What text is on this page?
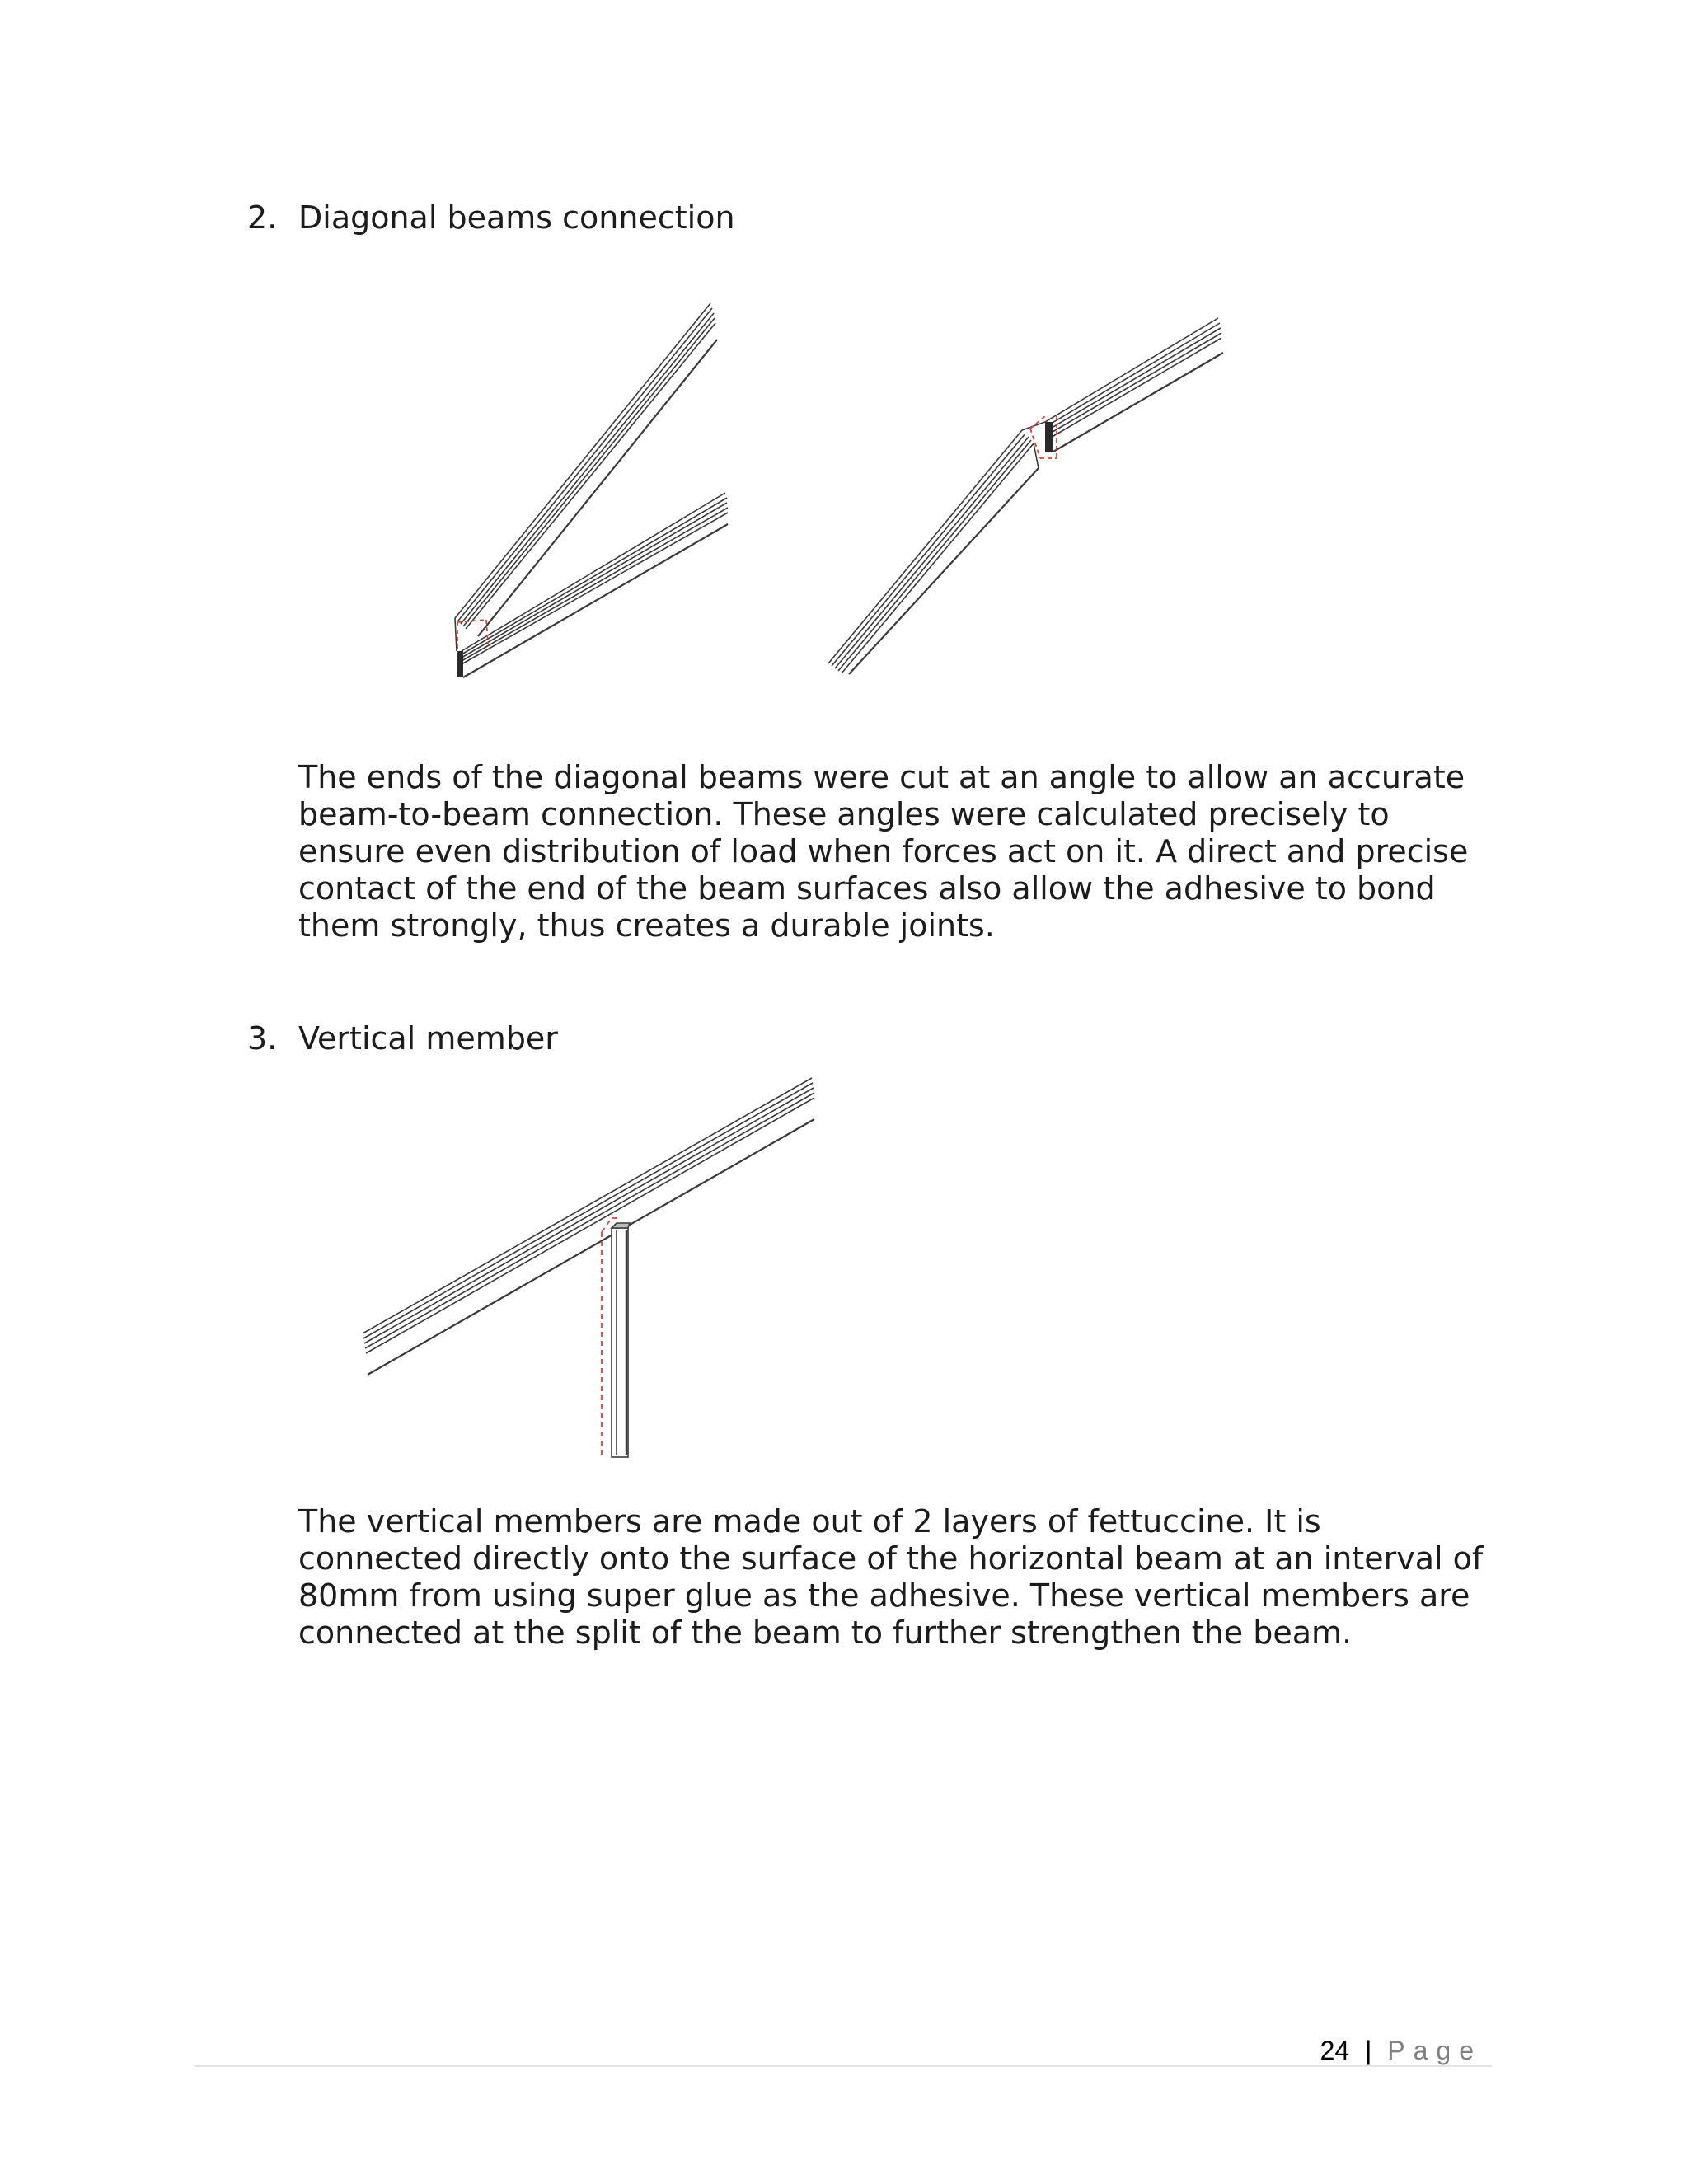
2. Diagonal beams connection

The ends of the diagonal beams were cut at an angle to allow an accurate beam-to-beam connection. These angles were calculated precisely to ensure even distribution of load when forces act on it. A direct and precise contact of the end of the beam surfaces also allow the adhesive to bond them strongly, thus creates a durable joints.

3. Vertical member

The vertical members are made out of 2 layers of fettuccine. It is connected directly onto the surface of the horizontal beam at an interval of 80mm from using super glue as the adhesive. These vertical members are connected at the split of the beam to further strengthen the beam.

24 | Page
